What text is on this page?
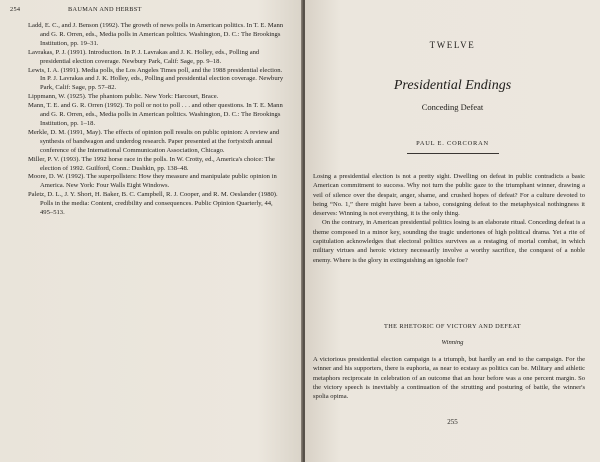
254	BAUMAN AND HERBST

Ladd, E. C., and J. Benson (1992). The growth of news polls in American politics. In T. E. Mann and G. R. Orren, eds., Media polls in American politics. Washington, D. C.: The Brookings Institution, pp. 19–31.

Lavrakas, P. J. (1991). Introduction. In P. J. Lavrakas and J. K. Holley, eds., Polling and presidential election coverage. Newbury Park, Calif: Sage, pp. 9–18.

Lewis, I. A. (1991). Media polls, the Los Angeles Times poll, and the 1988 presidential election. In P. J. Lavrakas and J. K. Holley, eds., Polling and presidential election coverage. Newbury Park, Calif: Sage, pp. 57–82.

Lippmann, W. (1925). The phantom public. New York: Harcourt, Brace.

Mann, T. E. and G. R. Orren (1992). To poll or not to poll . . . and other questions. In T. E. Mann and G. R. Orren, eds., Media polls in American politics. Washington, D. C.: The Brookings Institution, pp. 1–18.

Merkle, D. M. (1991, May). The effects of opinion poll results on public opinion: A review and synthesis of bandwagon and underdog research. Paper presented at the fortysixth annual conference of the International Communication Association, Chicago.

Miller, P. V. (1993). The 1992 horse race in the polls. In W. Crotty, ed., America's choice: The election of 1992. Guilford, Conn.: Dushkin, pp. 138–48.

Moore, D. W. (1992). The superpollsters: How they measure and manipulate public opinion in America. New York: Four Walls Eight Windows.

Paletz, D. L., J. Y. Short, H. Baker, B. C. Campbell, R. J. Cooper, and R. M. Oeslander (1980). Polls in the media: Content, credibility and consequences. Public Opinion Quarterly, 44, 495–513.

TWELVE
Presidential Endings
Conceding Defeat
PAUL E. CORCORAN

Losing a presidential election is not a pretty sight. Dwelling on defeat in public contradicts a basic American commitment to success. Why not turn the public gaze to the triumphant winner, drawing a veil of silence over the despair, anger, shame, and crushed hopes of defeat? For a culture devoted to being “No. 1,” there might have been a taboo, consigning defeat to the metaphysical nothingness it deserves: Winning is not everything, it is the only thing.

On the contrary, in American presidential politics losing is an elaborate ritual. Conceding defeat is a theme composed in a minor key, sounding the tragic undertones of high political drama. Yet a rite of capitulation acknowledges that electoral politics survives as a restaging of mortal combat, in which military virtues and heroic victory necessarily involve a worthy sacrifice, the conquest of a noble enemy. Where is the glory in extinguishing an ignoble foe?

THE RHETORIC OF VICTORY AND DEFEAT
Winning

A victorious presidential election campaign is a triumph, but hardly an end to the campaign. For the winner and his supporters, there is euphoria, as near to ecstasy as politics can be. Military and athletic metaphors reciprocate in celebration of an outcome that an hour before was a one percent margin. So the victory speech is inevitably a continuation of the strutting and posturing of battle, the winner's spolia opima.

255
